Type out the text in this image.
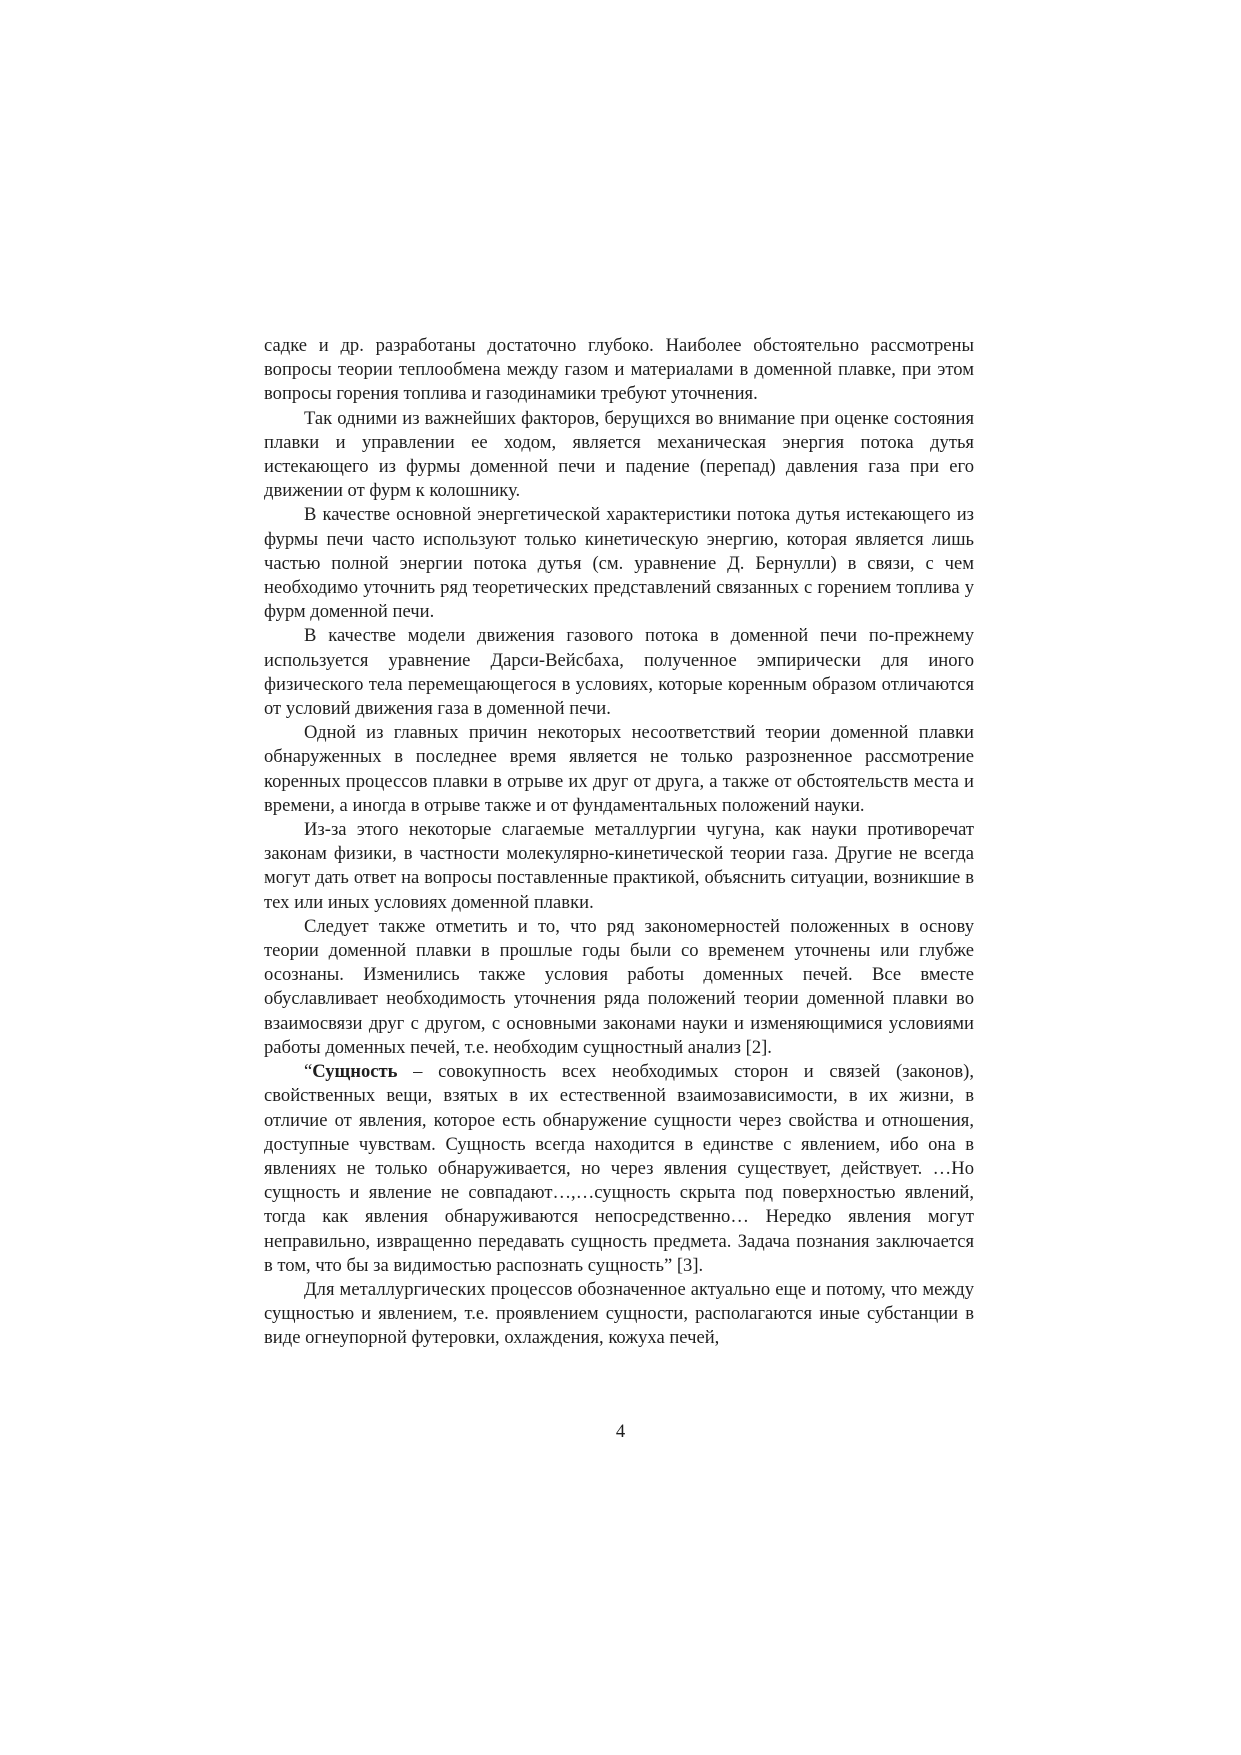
садке и др. разработаны достаточно глубоко. Наиболее обстоятельно рассмотрены вопросы теории теплообмена между газом и материалами в доменной плавке, при этом вопросы горения топлива и газодинамики требуют уточнения.

Так одними из важнейших факторов, берущихся во внимание при оценке состояния плавки и управлении ее ходом, является механическая энергия потока дутья истекающего из фурмы доменной печи и падение (перепад) давления газа при его движении от фурм к колошнику.

В качестве основной энергетической характеристики потока дутья истекающего из фурмы печи часто используют только кинетическую энергию, которая является лишь частью полной энергии потока дутья (см. уравнение Д. Бернулли) в связи, с чем необходимо уточнить ряд теоретических представлений связанных с горением топлива у фурм доменной печи.

В качестве модели движения газового потока в доменной печи по-прежнему используется уравнение Дарси-Вейсбаха, полученное эмпирически для иного физического тела перемещающегося в условиях, которые коренным образом отличаются от условий движения газа в доменной печи.

Одной из главных причин некоторых несоответствий теории доменной плавки обнаруженных в последнее время является не только разрозненное рассмотрение коренных процессов плавки в отрыве их друг от друга, а также от обстоятельств места и времени, а иногда в отрыве также и от фундаментальных положений науки.

Из-за этого некоторые слагаемые металлургии чугуна, как науки противоречат законам физики, в частности молекулярно-кинетической теории газа. Другие не всегда могут дать ответ на вопросы поставленные практикой, объяснить ситуации, возникшие в тех или иных условиях доменной плавки.

Следует также отметить и то, что ряд закономерностей положенных в основу теории доменной плавки в прошлые годы были со временем уточнены или глубже осознаны. Изменились также условия работы доменных печей. Все вместе обуславливает необходимость уточнения ряда положений теории доменной плавки во взаимосвязи друг с другом, с основными законами науки и изменяющимися условиями работы доменных печей, т.е. необходим сущностный анализ [2].

“Сущность – совокупность всех необходимых сторон и связей (законов), свойственных вещи, взятых в их естественной взаимозависимости, в их жизни, в отличие от явления, которое есть обнаружение сущности через свойства и отношения, доступные чувствам. Сущность всегда находится в единстве с явлением, ибо она в явлениях не только обнаруживается, но через явления существует, действует. …Но сущность и явление не совпадают…,…сущность скрыта под поверхностью явлений, тогда как явления обнаруживаются непосредственно… Нередко явления могут неправильно, извращенно передавать сущность предмета. Задача познания заключается в том, что бы за видимостью распознать сущность” [3].

Для металлургических процессов обозначенное актуально еще и потому, что между сущностью и явлением, т.е. проявлением сущности, располагаются иные субстанции в виде огнеупорной футеровки, охлаждения, кожуха печей,

4
